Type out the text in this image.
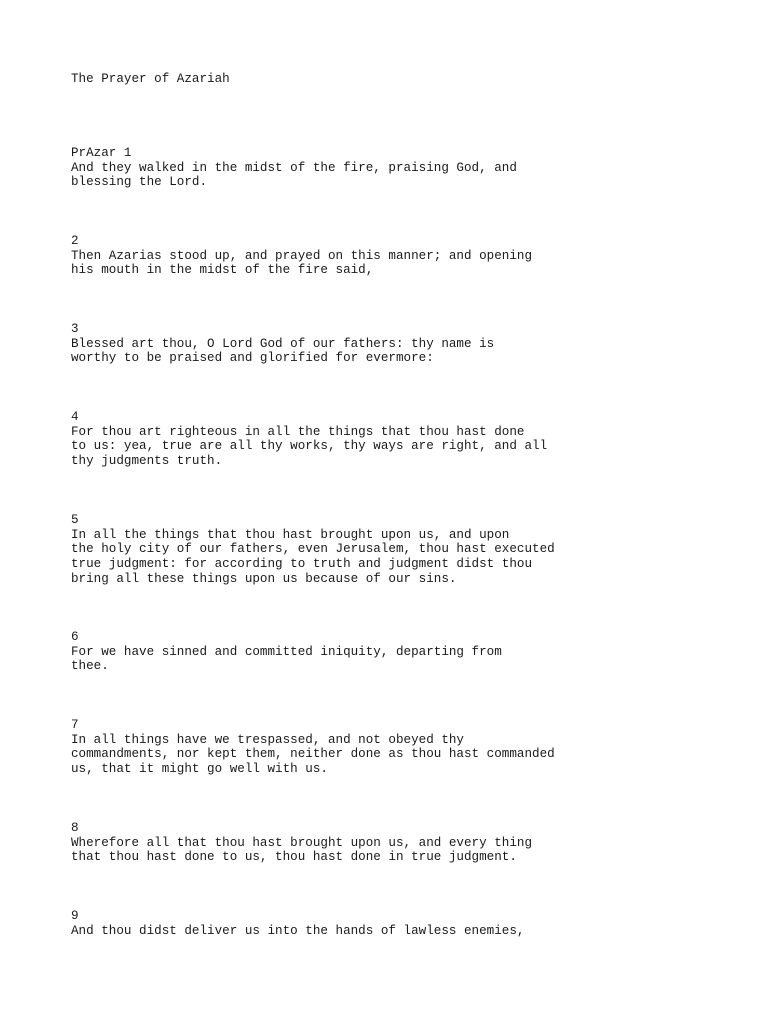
The Prayer of Azariah
PrAzar 1
And they walked in the midst of the fire, praising God, and
blessing the Lord.
2
Then Azarias stood up, and prayed on this manner; and opening
his mouth in the midst of the fire said,
3
Blessed art thou, O Lord God of our fathers: thy name is
worthy to be praised and glorified for evermore:
4
For thou art righteous in all the things that thou hast done
to us: yea, true are all thy works, thy ways are right, and all
thy judgments truth.
5
In all the things that thou hast brought upon us, and upon
the holy city of our fathers, even Jerusalem, thou hast executed
true judgment: for according to truth and judgment didst thou
bring all these things upon us because of our sins.
6
For we have sinned and committed iniquity, departing from
thee.
7
In all things have we trespassed, and not obeyed thy
commandments, nor kept them, neither done as thou hast commanded
us, that it might go well with us.
8
Wherefore all that thou hast brought upon us, and every thing
that thou hast done to us, thou hast done in true judgment.
9
And thou didst deliver us into the hands of lawless enemies,
